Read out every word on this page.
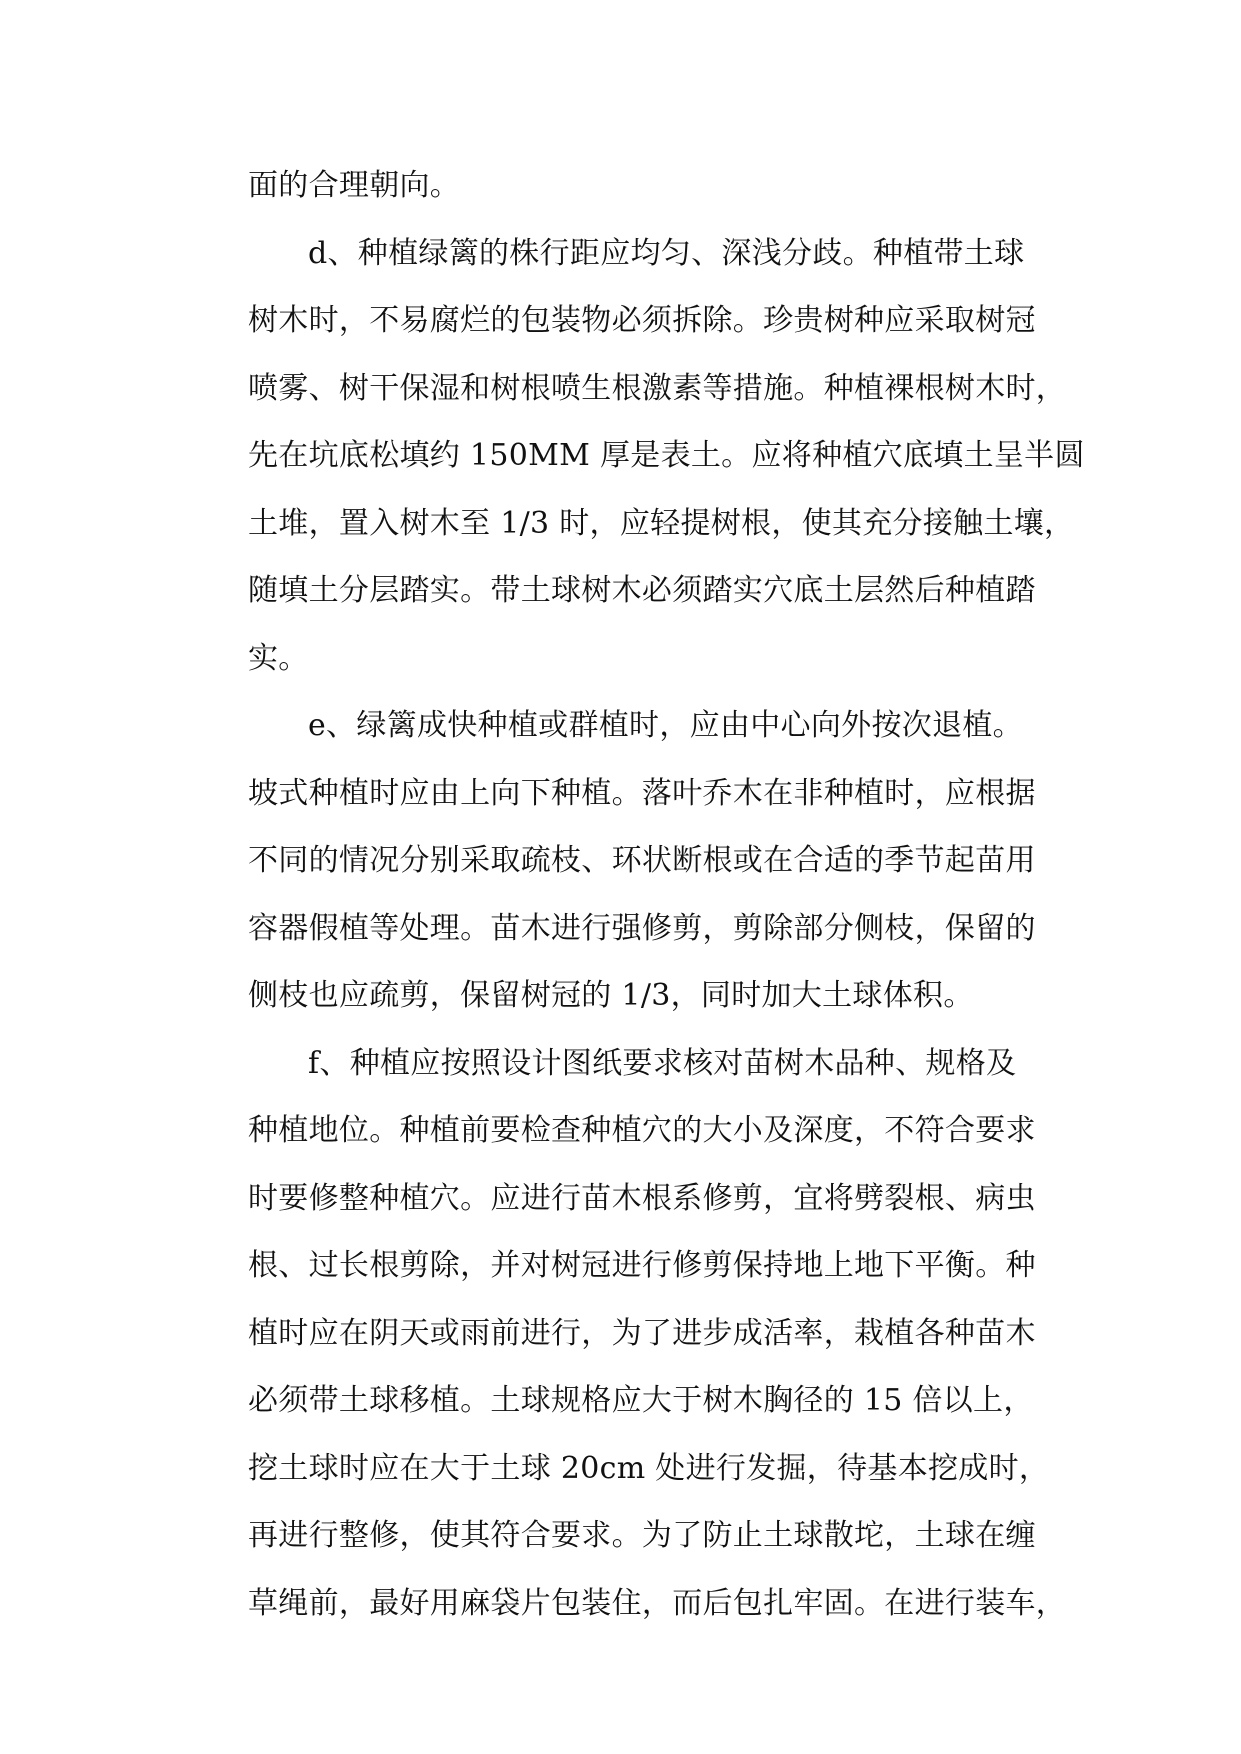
面的合理朝向。
d、种植绿篱的株行距应均匀、深浅分歧。种植带土球
树木时，不易腐烂的包装物必须拆除。珍贵树种应采取树冠
喷雾、树干保湿和树根喷生根激素等措施。种植裸根树木时，
先在坑底松填约 150MM 厚是表土。应将种植穴底填土呈半圆
土堆，置入树木至 1/3 时，应轻提树根，使其充分接触土壤，
随填土分层踏实。带土球树木必须踏实穴底土层然后种植踏
实。
e、绿篱成快种植或群植时，应由中心向外按次退植。
坡式种植时应由上向下种植。落叶乔木在非种植时，应根据
不同的情况分别采取疏枝、环状断根或在合适的季节起苗用
容器假植等处理。苗木进行强修剪，剪除部分侧枝，保留的
侧枝也应疏剪，保留树冠的 1/3，同时加大土球体积。
f、种植应按照设计图纸要求核对苗树木品种、规格及
种植地位。种植前要检查种植穴的大小及深度，不符合要求
时要修整种植穴。应进行苗木根系修剪，宜将劈裂根、病虫
根、过长根剪除，并对树冠进行修剪保持地上地下平衡。种
植时应在阴天或雨前进行，为了进步成活率，栽植各种苗木
必须带土球移植。土球规格应大于树木胸径的 15 倍以上，
挖土球时应在大于土球 20cm 处进行发掘，待基本挖成时，
再进行整修，使其符合要求。为了防止土球散坨，土球在缠
草绳前，最好用麻袋片包装住，而后包扎牢固。在进行装车，
